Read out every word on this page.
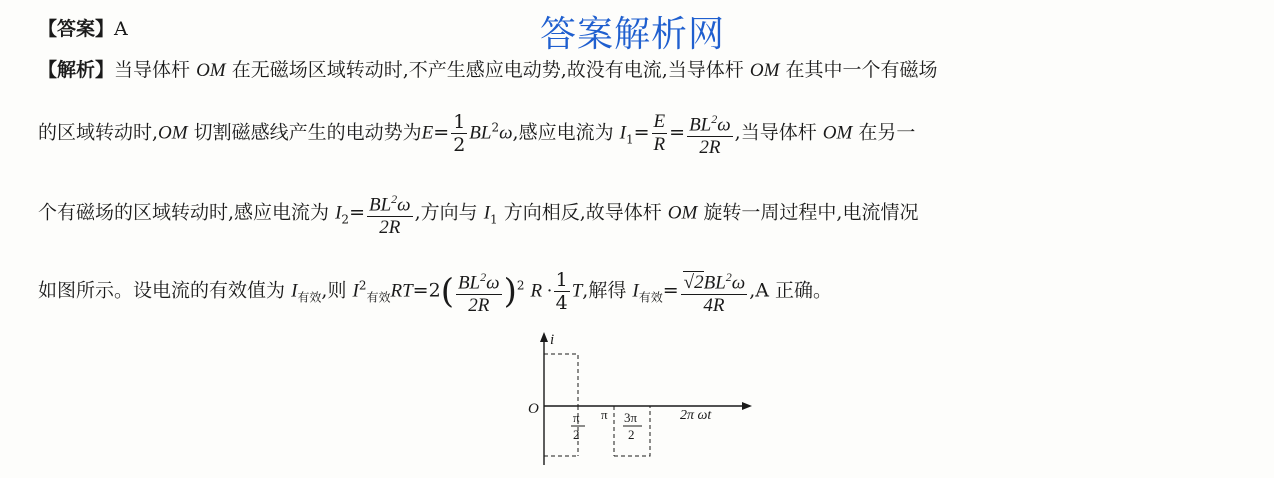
答案解析网
【答案】A
【解析】当导体杆 OM 在无磁场区域转动时,不产生感应电动势,故没有电流,当导体杆 OM 在其中一个有磁场
的区域转动时,OM 切割磁感线产生的电动势为$E= \frac{1}{2} BL^2\omega$,感应电流为 $I_1= \frac{E}{R} = \frac{BL^2\omega}{2R}$ ,当导体杆 OM 在另一
个有磁场的区域转动时,感应电流为 $I_2= \frac{BL^2\omega}{2R}$ ,方向与 $I_1$ 方向相反,故导体杆 OM 旋转一周过程中,电流情况
如图所示。设电流的有效值为 $I_{有效}$,则 $I^2_{有效}RT=2( \frac{BL^2\omega}{2R} )^2$ $R \cdot \frac{1}{4} T$,解得 $I_{有效}= \frac{√2BL^2\omega}{4R} ,A$ 正确。
i
O	2π ωt
π
2
π 3π
2
